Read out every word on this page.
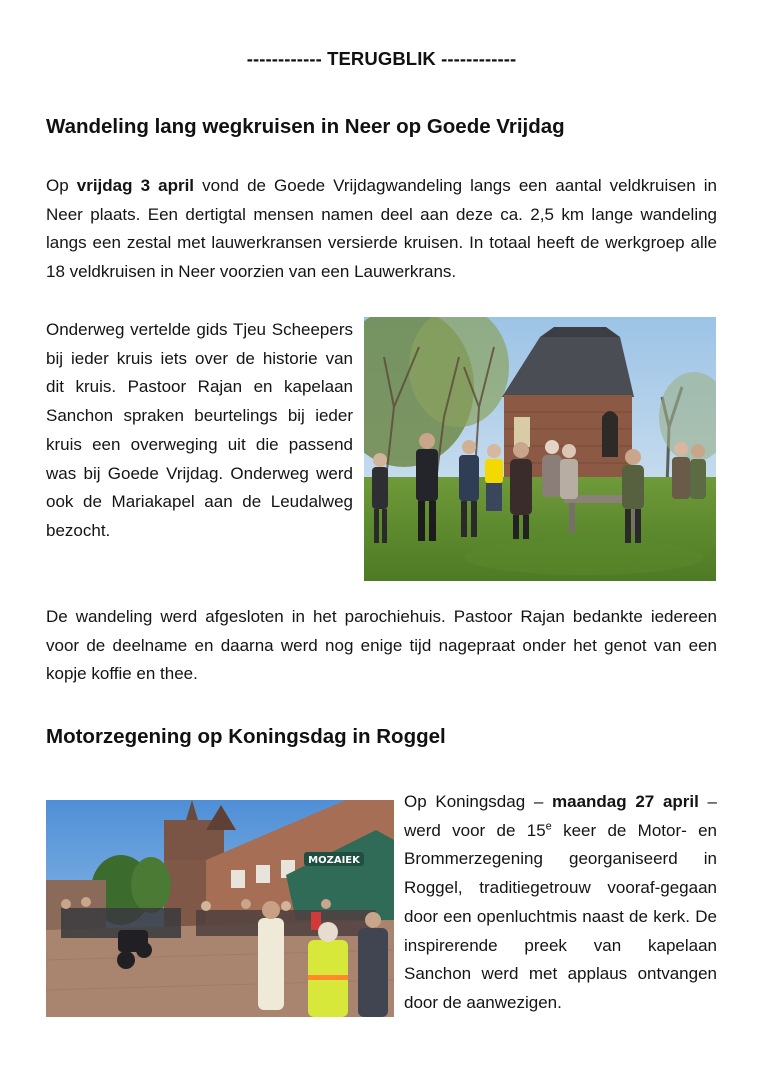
------------ TERUGBLIK ------------
Wandeling lang wegkruisen in Neer op Goede Vrijdag

Op vrijdag 3 april vond de Goede Vrijdagwandeling langs een aantal veldkruisen in Neer plaats. Een dertigtal mensen namen deel aan deze ca. 2,5 km lange wandeling langs een zestal met lauwerkransen versierde kruisen. In totaal heeft de werkgroep alle 18 veldkruisen in Neer voorzien van een Lauwerkrans.

Onderweg vertelde gids Tjeu Scheepers bij ieder kruis iets over de historie van dit kruis. Pastoor Rajan en kapelaan Sanchon spraken beurtelings bij ieder kruis een overweging uit die passend was bij Goede Vrijdag. Onderweg werd ook de Mariakapel aan de Leudalweg bezocht.

De wandeling werd afgesloten in het parochiehuis. Pastoor Rajan bedankte iedereen voor de deelname en daarna werd nog enige tijd nagepraat onder het genot van een kopje koffie en thee.

Motorzegening op Koningsdag in Roggel
MOZAIEK

Op Koningsdag – maandag 27 april – werd voor de 15e keer de Motor- en Brommerzegening georganiseerd in Roggel, traditiegetrouw vooraf-gegaan door een openluchtmis naast de kerk. De inspirerende preek van kapelaan Sanchon werd met applaus ontvangen door de aanwezigen.
